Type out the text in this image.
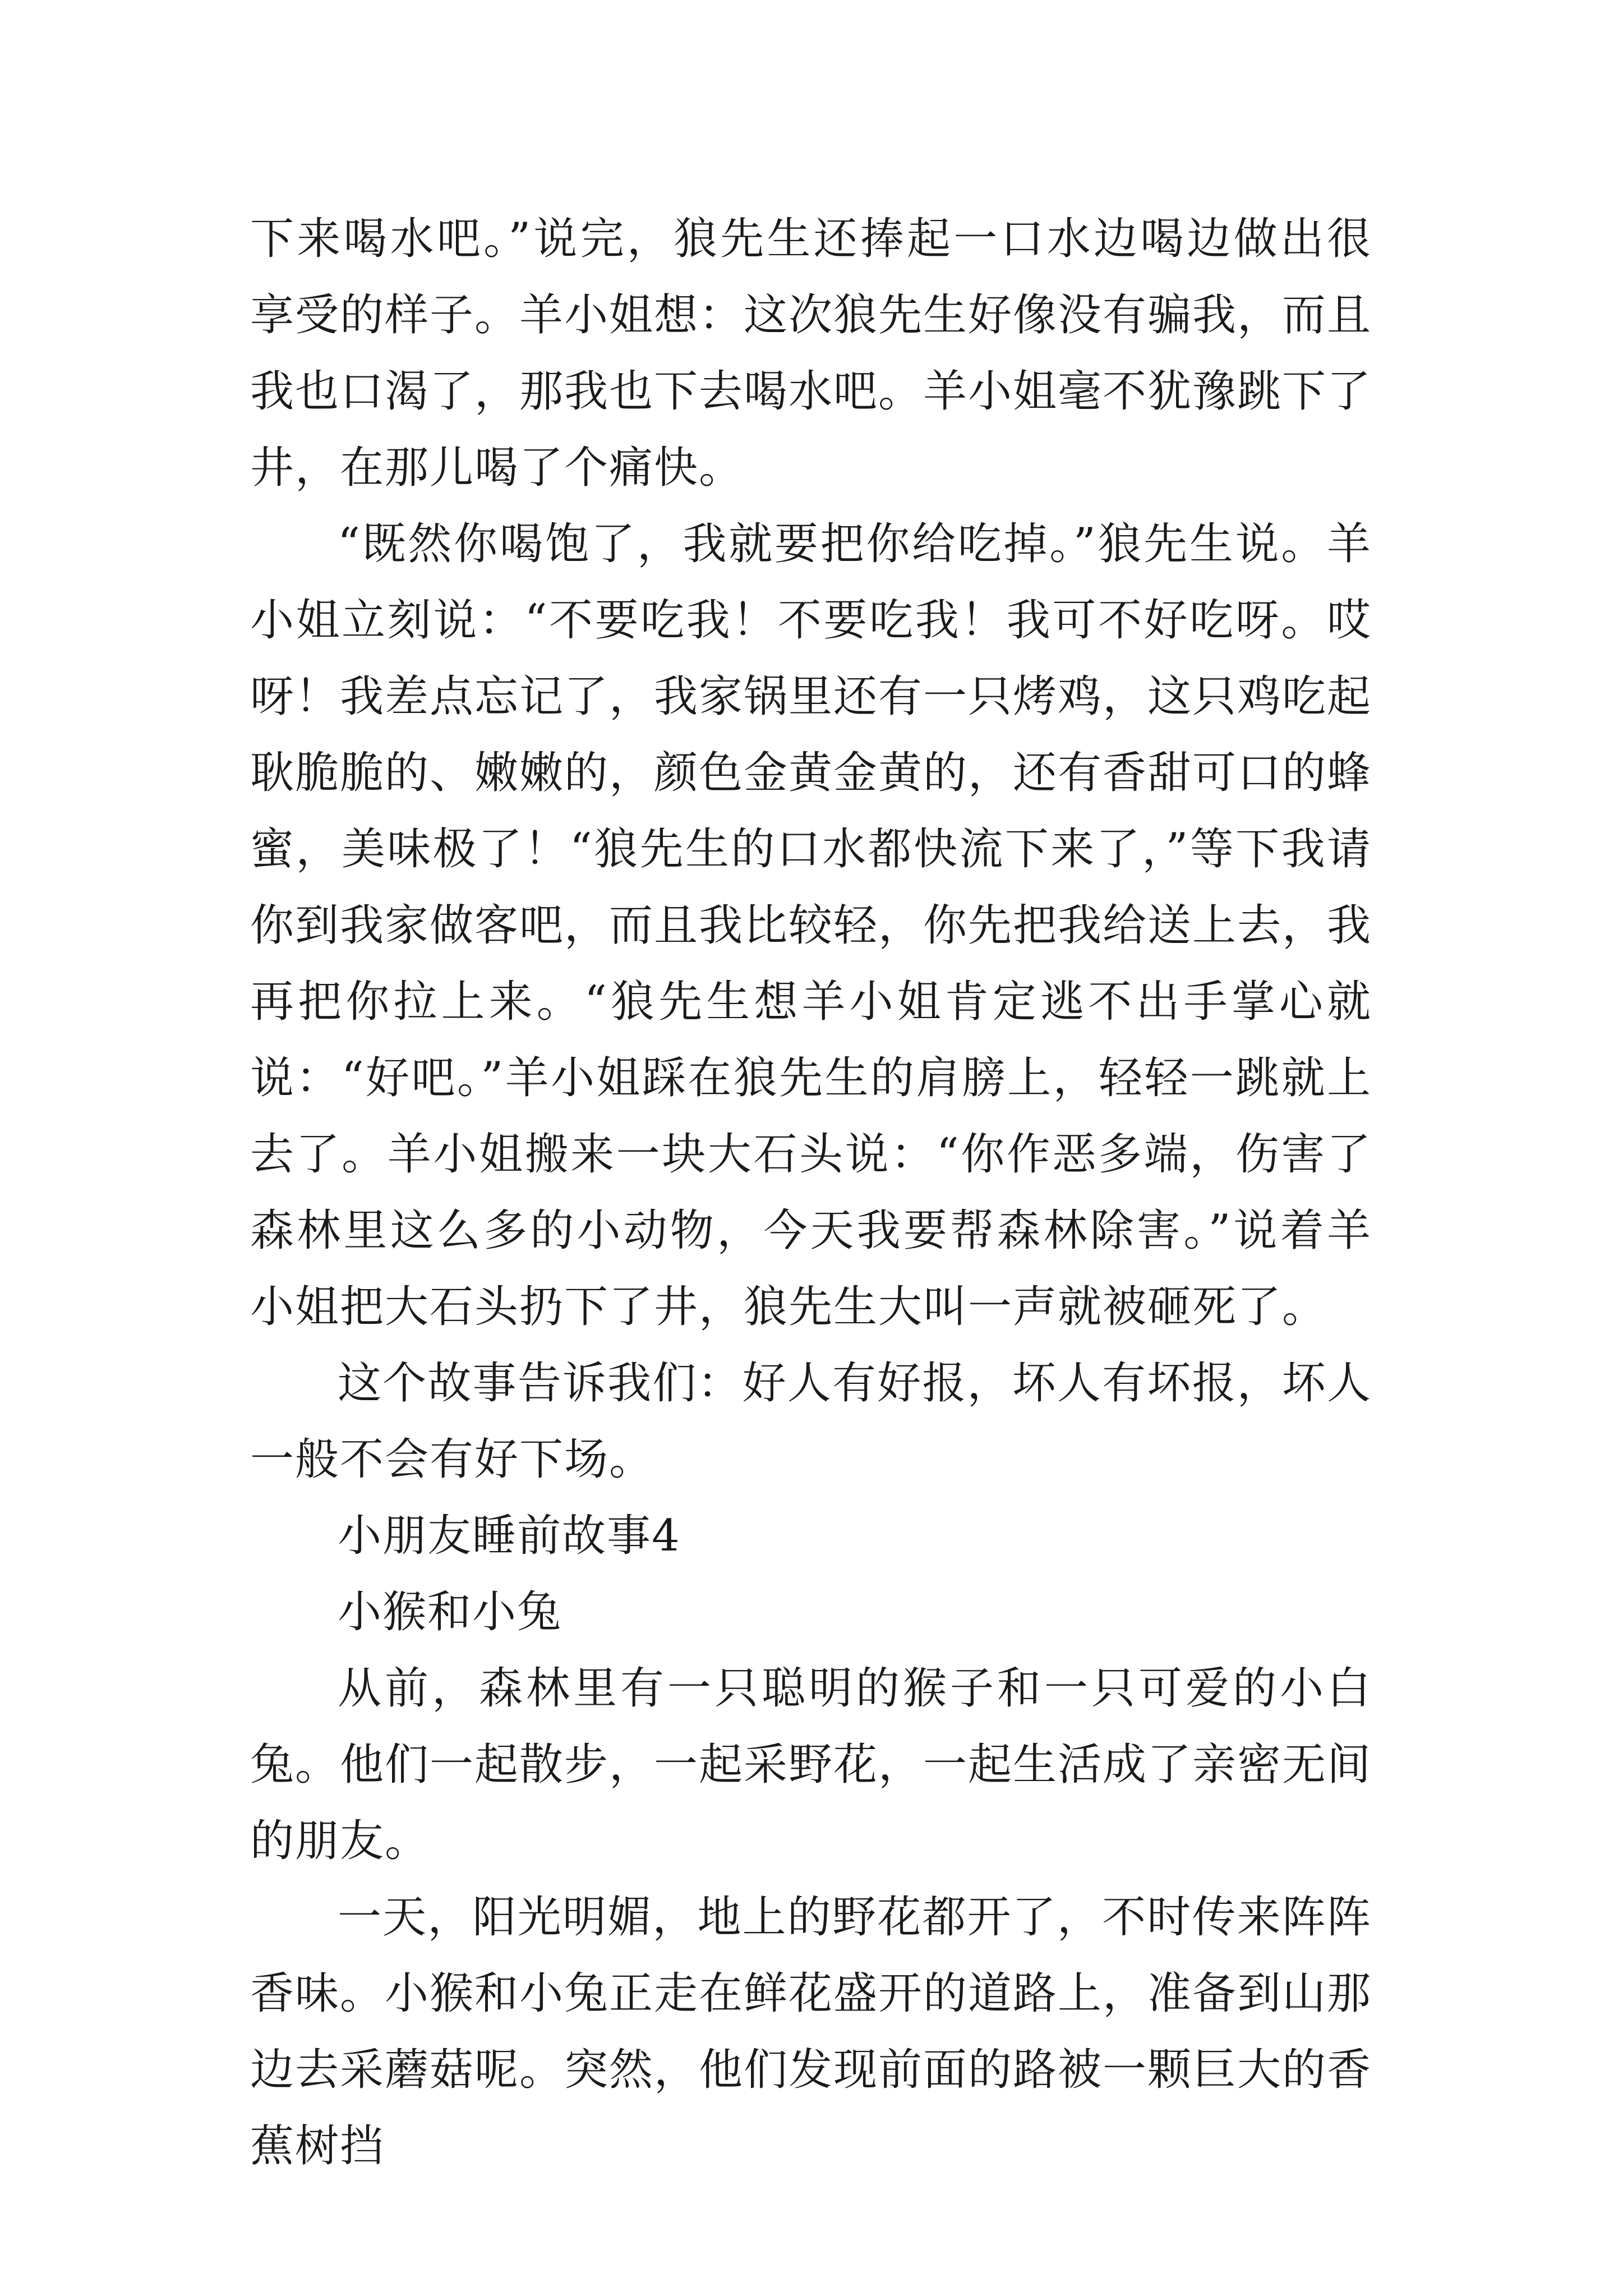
下来喝水吧。”说完，狼先生还捧起一口水边喝边做出很享受的样子。羊小姐想：这次狼先生好像没有骗我，而且我也口渴了，那我也下去喝水吧。羊小姐毫不犹豫跳下了井，在那儿喝了个痛快。

“既然你喝饱了，我就要把你给吃掉。”狼先生说。羊小姐立刻说：“不要吃我！不要吃我！我可不好吃呀。哎呀！我差点忘记了，我家锅里还有一只烤鸡，这只鸡吃起耿脆脆的、嫩嫩的，颜色金黄金黄的，还有香甜可口的蜂蜜，美味极了！“狼先生的口水都快流下来了，”等下我请你到我家做客吧，而且我比较轻，你先把我给送上去，我再把你拉上来。“狼先生想羊小姐肯定逃不出手掌心就说：“好吧。”羊小姐踩在狼先生的肩膀上，轻轻一跳就上去了。羊小姐搬来一块大石头说：“你作恶多端，伤害了森林里这么多的小动物，今天我要帮森林除害。”说着羊小姐把大石头扔下了井，狼先生大叫一声就被砸死了。

这个故事告诉我们：好人有好报，坏人有坏报，坏人一般不会有好下场。

小朋友睡前故事4

小猴和小兔

从前，森林里有一只聪明的猴子和一只可爱的小白兔。他们一起散步，一起采野花，一起生活成了亲密无间的朋友。

一天，阳光明媚，地上的野花都开了，不时传来阵阵香味。小猴和小兔正走在鲜花盛开的道路上，准备到山那边去采蘑菇呢。突然，他们发现前面的路被一颗巨大的香蕉树挡
